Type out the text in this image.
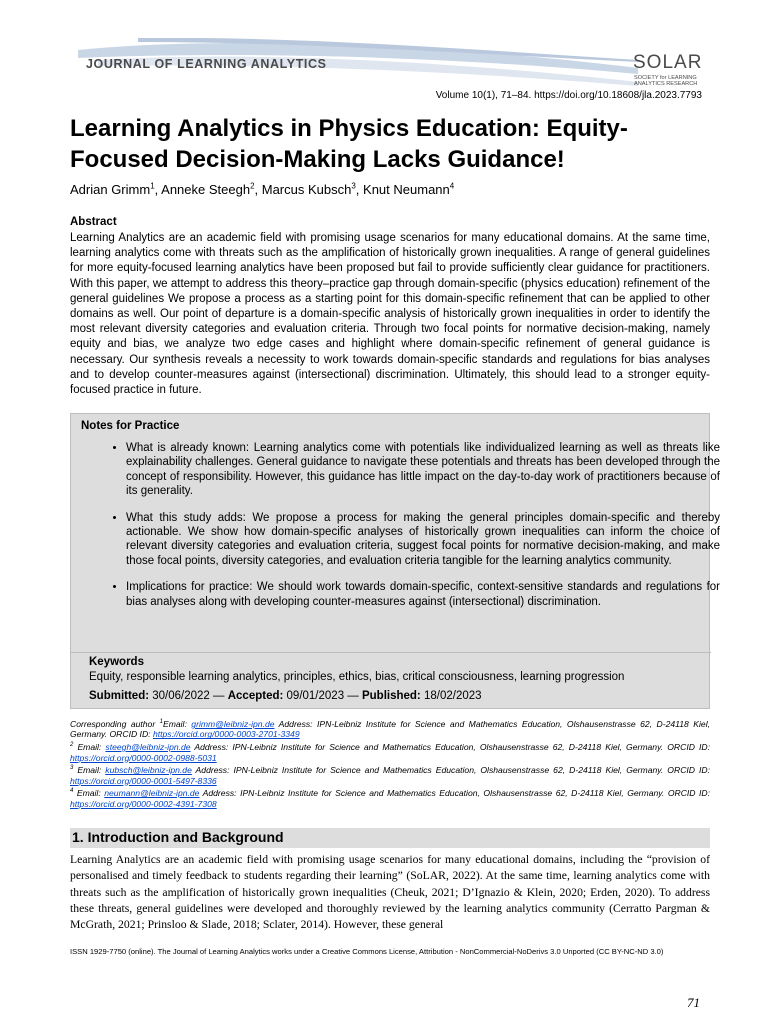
JOURNAL OF LEARNING ANALYTICS	SOLAR
SOCIETY for LEARNING ANALYTICS RESEARCH
Volume 10(1), 71–84. https://doi.org/10.18608/jla.2023.7793
Learning Analytics in Physics Education: Equity-Focused Decision-Making Lacks Guidance!
Adrian Grimm$^1$, Anneke Steegh$^2$, Marcus Kubsch$^3$, Knut Neumann$^4$
Abstract

Learning Analytics are an academic field with promising usage scenarios for many educational domains. At the same time, learning analytics come with threats such as the amplification of historically grown inequalities. A range of general guidelines for more equity-focused learning analytics have been proposed but fail to provide sufficiently clear guidance for practitioners. With this paper, we attempt to address this theory–practice gap through domain-specific (physics education) refinement of the general guidelines We propose a process as a starting point for this domain-specific refinement that can be applied to other domains as well. Our point of departure is a domain-specific analysis of historically grown inequalities in order to identify the most relevant diversity categories and evaluation criteria. Through two focal points for normative decision-making, namely equity and bias, we analyze two edge cases and highlight where domain-specific refinement of general guidance is necessary. Our synthesis reveals a necessity to work towards domain-specific standards and regulations for bias analyses and to develop counter-measures against (intersectional) discrimination. Ultimately, this should lead to a stronger equity-focused practice in future.

Notes for Practice
• What is already known: Learning analytics come with potentials like individualized learning as well as threats like explainability challenges. General guidance to navigate these potentials and threats has been developed through the concept of responsibility. However, this guidance has little impact on the day-to-day work of practitioners because of its generality.
• What this study adds: We propose a process for making the general principles domain-specific and thereby actionable. We show how domain-specific analyses of historically grown inequalities can inform the choice of relevant diversity categories and evaluation criteria, suggest focal points for normative decision-making, and make those focal points, diversity categories, and evaluation criteria tangible for the learning analytics community.
• Implications for practice: We should work towards domain-specific, context-sensitive standards and regulations for bias analyses along with developing counter-measures against (intersectional) discrimination.
Keywords
Equity, responsible learning analytics, principles, ethics, bias, critical consciousness, learning progression
Submitted: 30/06/2022 — Accepted: 09/01/2023 — Published: 18/02/2023

Corresponding author $^1$Email: grimm@leibniz-ipn.de Address: IPN-Leibniz Institute for Science and Mathematics Education, Olshausenstrasse 62, D-24118 Kiel, Germany. ORCID ID: https://orcid.org/0000-0003-2701-3349

$^2$ Email: steegh@leibniz-ipn.de Address: IPN-Leibniz Institute for Science and Mathematics Education, Olshausenstrasse 62, D-24118 Kiel, Germany. ORCID ID: https://orcid.org/0000-0002-0988-5031

$^3$ Email: kubsch@leibniz-ipn.de Address: IPN-Leibniz Institute for Science and Mathematics Education, Olshausenstrasse 62, D-24118 Kiel, Germany. ORCID ID: https://orcid.org/0000-0001-5497-8336

$^4$ Email: neumann@leibniz-ipn.de Address: IPN-Leibniz Institute for Science and Mathematics Education, Olshausenstrasse 62, D-24118 Kiel, Germany. ORCID ID: https://orcid.org/0000-0002-4391-7308

1. Introduction and Background

Learning Analytics are an academic field with promising usage scenarios for many educational domains, including the “provision of personalised and timely feedback to students regarding their learning” (SoLAR, 2022). At the same time, learning analytics come with threats such as the amplification of historically grown inequalities (Cheuk, 2021; D’Ignazio & Klein, 2020; Erden, 2020). To address these threats, general guidelines were developed and thoroughly reviewed by the learning analytics community (Cerratto Pargman & McGrath, 2021; Prinsloo & Slade, 2018; Sclater, 2014). However, these general

ISSN 1929-7750 (online). The Journal of Learning Analytics works under a Creative Commons License, Attribution - NonCommercial-NoDerivs 3.0 Unported (CC BY-NC-ND 3.0)
71
